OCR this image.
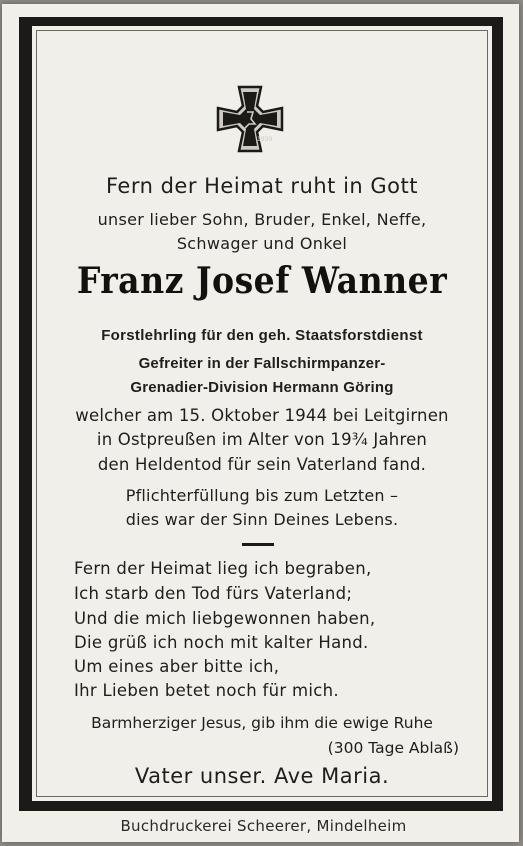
1939
Fern der Heimat ruht in Gott
unser lieber Sohn, Bruder, Enkel, Neffe,
Schwager und Onkel
Franz Josef Wanner
Forstlehrling für den geh. Staatsforstdienst
Gefreiter in der Fallschirmpanzer-
Grenadier-Division Hermann Göring
welcher am 15. Oktober 1944 bei Leitgirnen
in Ostpreußen im Alter von 19¾ Jahren
den Heldentod für sein Vaterland fand.
Pflichterfüllung bis zum Letzten –
dies war der Sinn Deines Lebens.
Fern der Heimat lieg ich begraben,
Ich starb den Tod fürs Vaterland;
Und die mich liebgewonnen haben,
Die grüß ich noch mit kalter Hand.
Um eines aber bitte ich,
Ihr Lieben betet noch für mich.
Barmherziger Jesus, gib ihm die ewige Ruhe
(300 Tage Ablaß)
Vater unser. Ave Maria.
Buchdruckerei Scheerer, Mindelheim
